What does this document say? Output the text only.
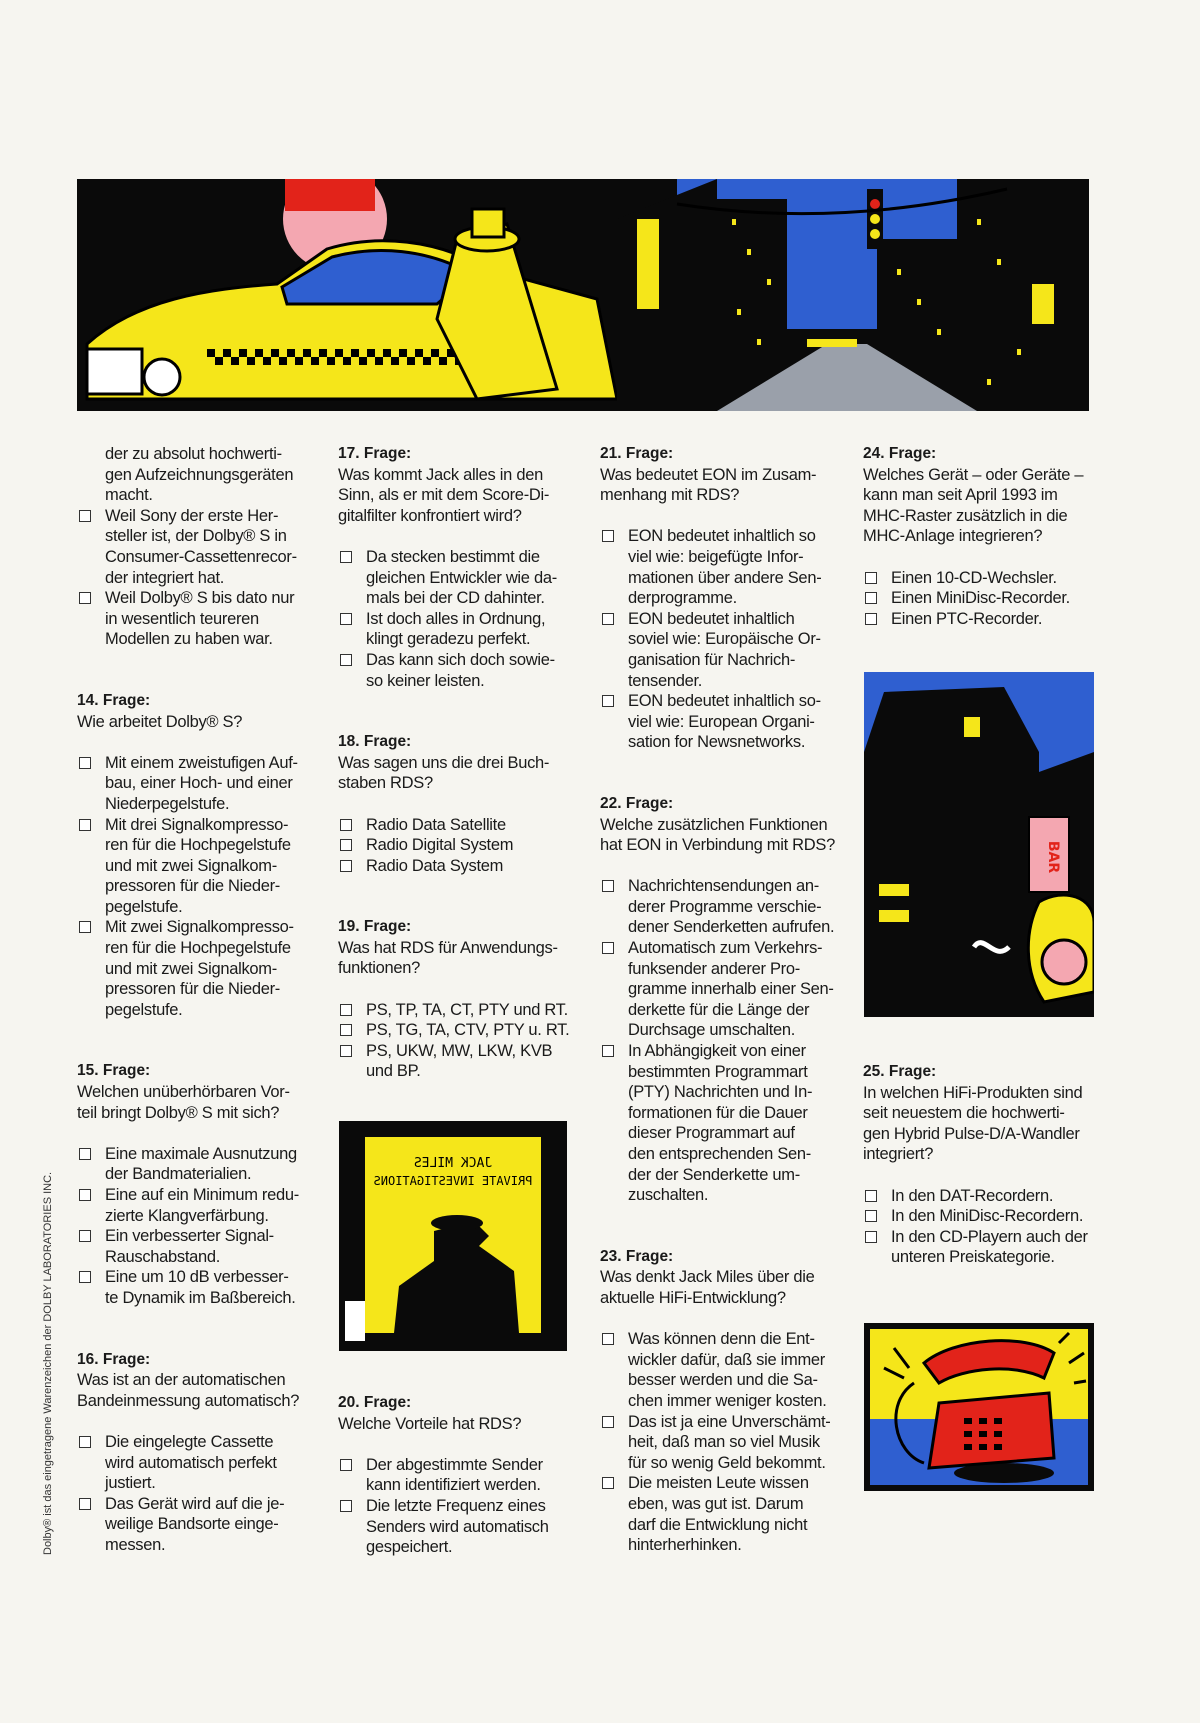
der zu absolut hochwerti-
gen Aufzeichnungsgeräten
macht.
Weil Sony der erste Her-
steller ist, der Dolby® S in
Consumer-Cassettenrecor-
der integriert hat.
Weil Dolby® S bis dato nur
in wesentlich teureren
Modellen zu haben war.
14. Frage:
Wie arbeitet Dolby® S?
Mit einem zweistufigen Auf-
bau, einer Hoch- und einer
Niederpegelstufe.
Mit drei Signalkompresso-
ren für die Hochpegelstufe
und mit zwei Signalkom-
pressoren für die Nieder-
pegelstufe.
Mit zwei Signalkompresso-
ren für die Hochpegelstufe
und mit zwei Signalkom-
pressoren für die Nieder-
pegelstufe.
15. Frage:
Welchen unüberhörbaren Vor-
teil bringt Dolby® S mit sich?
Eine maximale Ausnutzung
der Bandmaterialien.
Eine auf ein Minimum redu-
zierte Klangverfärbung.
Ein verbesserter Signal-
Rauschabstand.
Eine um 10 dB verbesser-
te Dynamik im Baßbereich.
16. Frage:
Was ist an der automatischen
Bandeinmessung automatisch?
Die eingelegte Cassette
wird automatisch perfekt
justiert.
Das Gerät wird auf die je-
weilige Bandsorte einge-
messen.
17. Frage:
Was kommt Jack alles in den
Sinn, als er mit dem Score-Di-
gitalfilter konfrontiert wird?
Da stecken bestimmt die
gleichen Entwickler wie da-
mals bei der CD dahinter.
Ist doch alles in Ordnung,
klingt geradezu perfekt.
Das kann sich doch sowie-
so keiner leisten.
18. Frage:
Was sagen uns die drei Buch-
staben RDS?
Radio Data Satellite
Radio Digital System
Radio Data System
19. Frage:
Was hat RDS für Anwendungs-
funktionen?
PS, TP, TA, CT, PTY und RT.
PS, TG, TA, CTV, PTY u. RT.
PS, UKW, MW, LKW, KVB
und BP.
JACK MILES
PRIVATE INVESTIGATIONS
20. Frage:
Welche Vorteile hat RDS?
Der abgestimmte Sender
kann identifiziert werden.
Die letzte Frequenz eines
Senders wird automatisch
gespeichert.
21. Frage:
Was bedeutet EON im Zusam-
menhang mit RDS?
EON bedeutet inhaltlich so
viel wie: beigefügte Infor-
mationen über andere Sen-
derprogramme.
EON bedeutet inhaltlich
soviel wie: Europäische Or-
ganisation für Nachrich-
tensender.
EON bedeutet inhaltlich so-
viel wie: European Organi-
sation for Newsnetworks.
22. Frage:
Welche zusätzlichen Funktionen
hat EON in Verbindung mit RDS?
Nachrichtensendungen an-
derer Programme verschie-
dener Senderketten aufrufen.
Automatisch zum Verkehrs-
funksender anderer Pro-
gramme innerhalb einer Sen-
derkette für die Länge der
Durchsage umschalten.
In Abhängigkeit von einer
bestimmten Programmart
(PTY) Nachrichten und In-
formationen für die Dauer
dieser Programmart auf
den entsprechenden Sen-
der der Senderkette um-
zuschalten.
23. Frage:
Was denkt Jack Miles über die
aktuelle HiFi-Entwicklung?
Was können denn die Ent-
wickler dafür, daß sie immer
besser werden und die Sa-
chen immer weniger kosten.
Das ist ja eine Unverschämt-
heit, daß man so viel Musik
für so wenig Geld bekommt.
Die meisten Leute wissen
eben, was gut ist. Darum
darf die Entwicklung nicht
hinterherhinken.
24. Frage:
Welches Gerät – oder Geräte –
kann man seit April 1993 im
MHC-Raster zusätzlich in die
MHC-Anlage integrieren?
Einen 10-CD-Wechsler.
Einen MiniDisc-Recorder.
Einen PTC-Recorder.
BAR
25. Frage:
In welchen HiFi-Produkten sind
seit neuestem die hochwerti-
gen Hybrid Pulse-D/A-Wandler
integriert?
In den DAT-Recordern.
In den MiniDisc-Recordern.
In den CD-Playern auch der
unteren Preiskategorie.
Dolby® ist das eingetragene Warenzeichen der DOLBY LABORATORIES INC.
